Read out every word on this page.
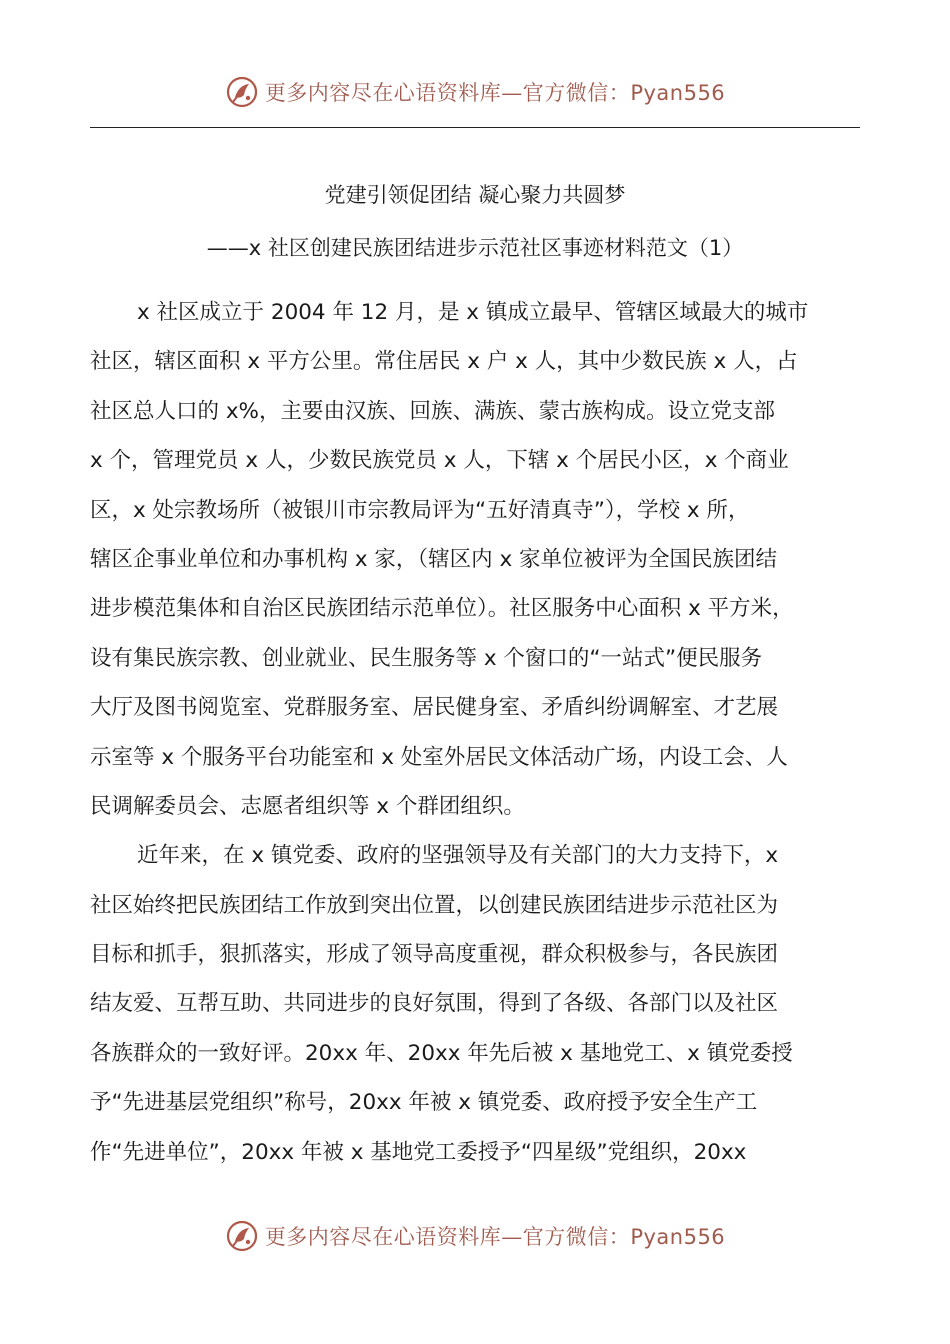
更多内容尽在心语资料库—官方微信：Pyan556
党建引领促团结 凝心聚力共圆梦
——x 社区创建民族团结进步示范社区事迹材料范文（1）
x 社区成立于 2004 年 12 月，是 x 镇成立最早、管辖区域最大的城市
社区，辖区面积 x 平方公里。常住居民 x 户 x 人，其中少数民族 x 人，占
社区总人口的 x%，主要由汉族、回族、满族、蒙古族构成。设立党支部
x 个，管理党员 x 人，少数民族党员 x 人，下辖 x 个居民小区，x 个商业
区，x 处宗教场所（被银川市宗教局评为“五好清真寺”），学校 x 所，
辖区企事业单位和办事机构 x 家，（辖区内 x 家单位被评为全国民族团结
进步模范集体和自治区民族团结示范单位）。社区服务中心面积 x 平方米，
设有集民族宗教、创业就业、民生服务等 x 个窗口的“一站式”便民服务
大厅及图书阅览室、党群服务室、居民健身室、矛盾纠纷调解室、才艺展
示室等 x 个服务平台功能室和 x 处室外居民文体活动广场，内设工会、人
民调解委员会、志愿者组织等 x 个群团组织。
近年来，在 x 镇党委、政府的坚强领导及有关部门的大力支持下，x
社区始终把民族团结工作放到突出位置，以创建民族团结进步示范社区为
目标和抓手，狠抓落实，形成了领导高度重视，群众积极参与，各民族团
结友爱、互帮互助、共同进步的良好氛围，得到了各级、各部门以及社区
各族群众的一致好评。20xx 年、20xx 年先后被 x 基地党工、x 镇党委授
予“先进基层党组织”称号，20xx 年被 x 镇党委、政府授予安全生产工
作“先进单位”，20xx 年被 x 基地党工委授予“四星级”党组织，20xx
更多内容尽在心语资料库—官方微信：Pyan556
